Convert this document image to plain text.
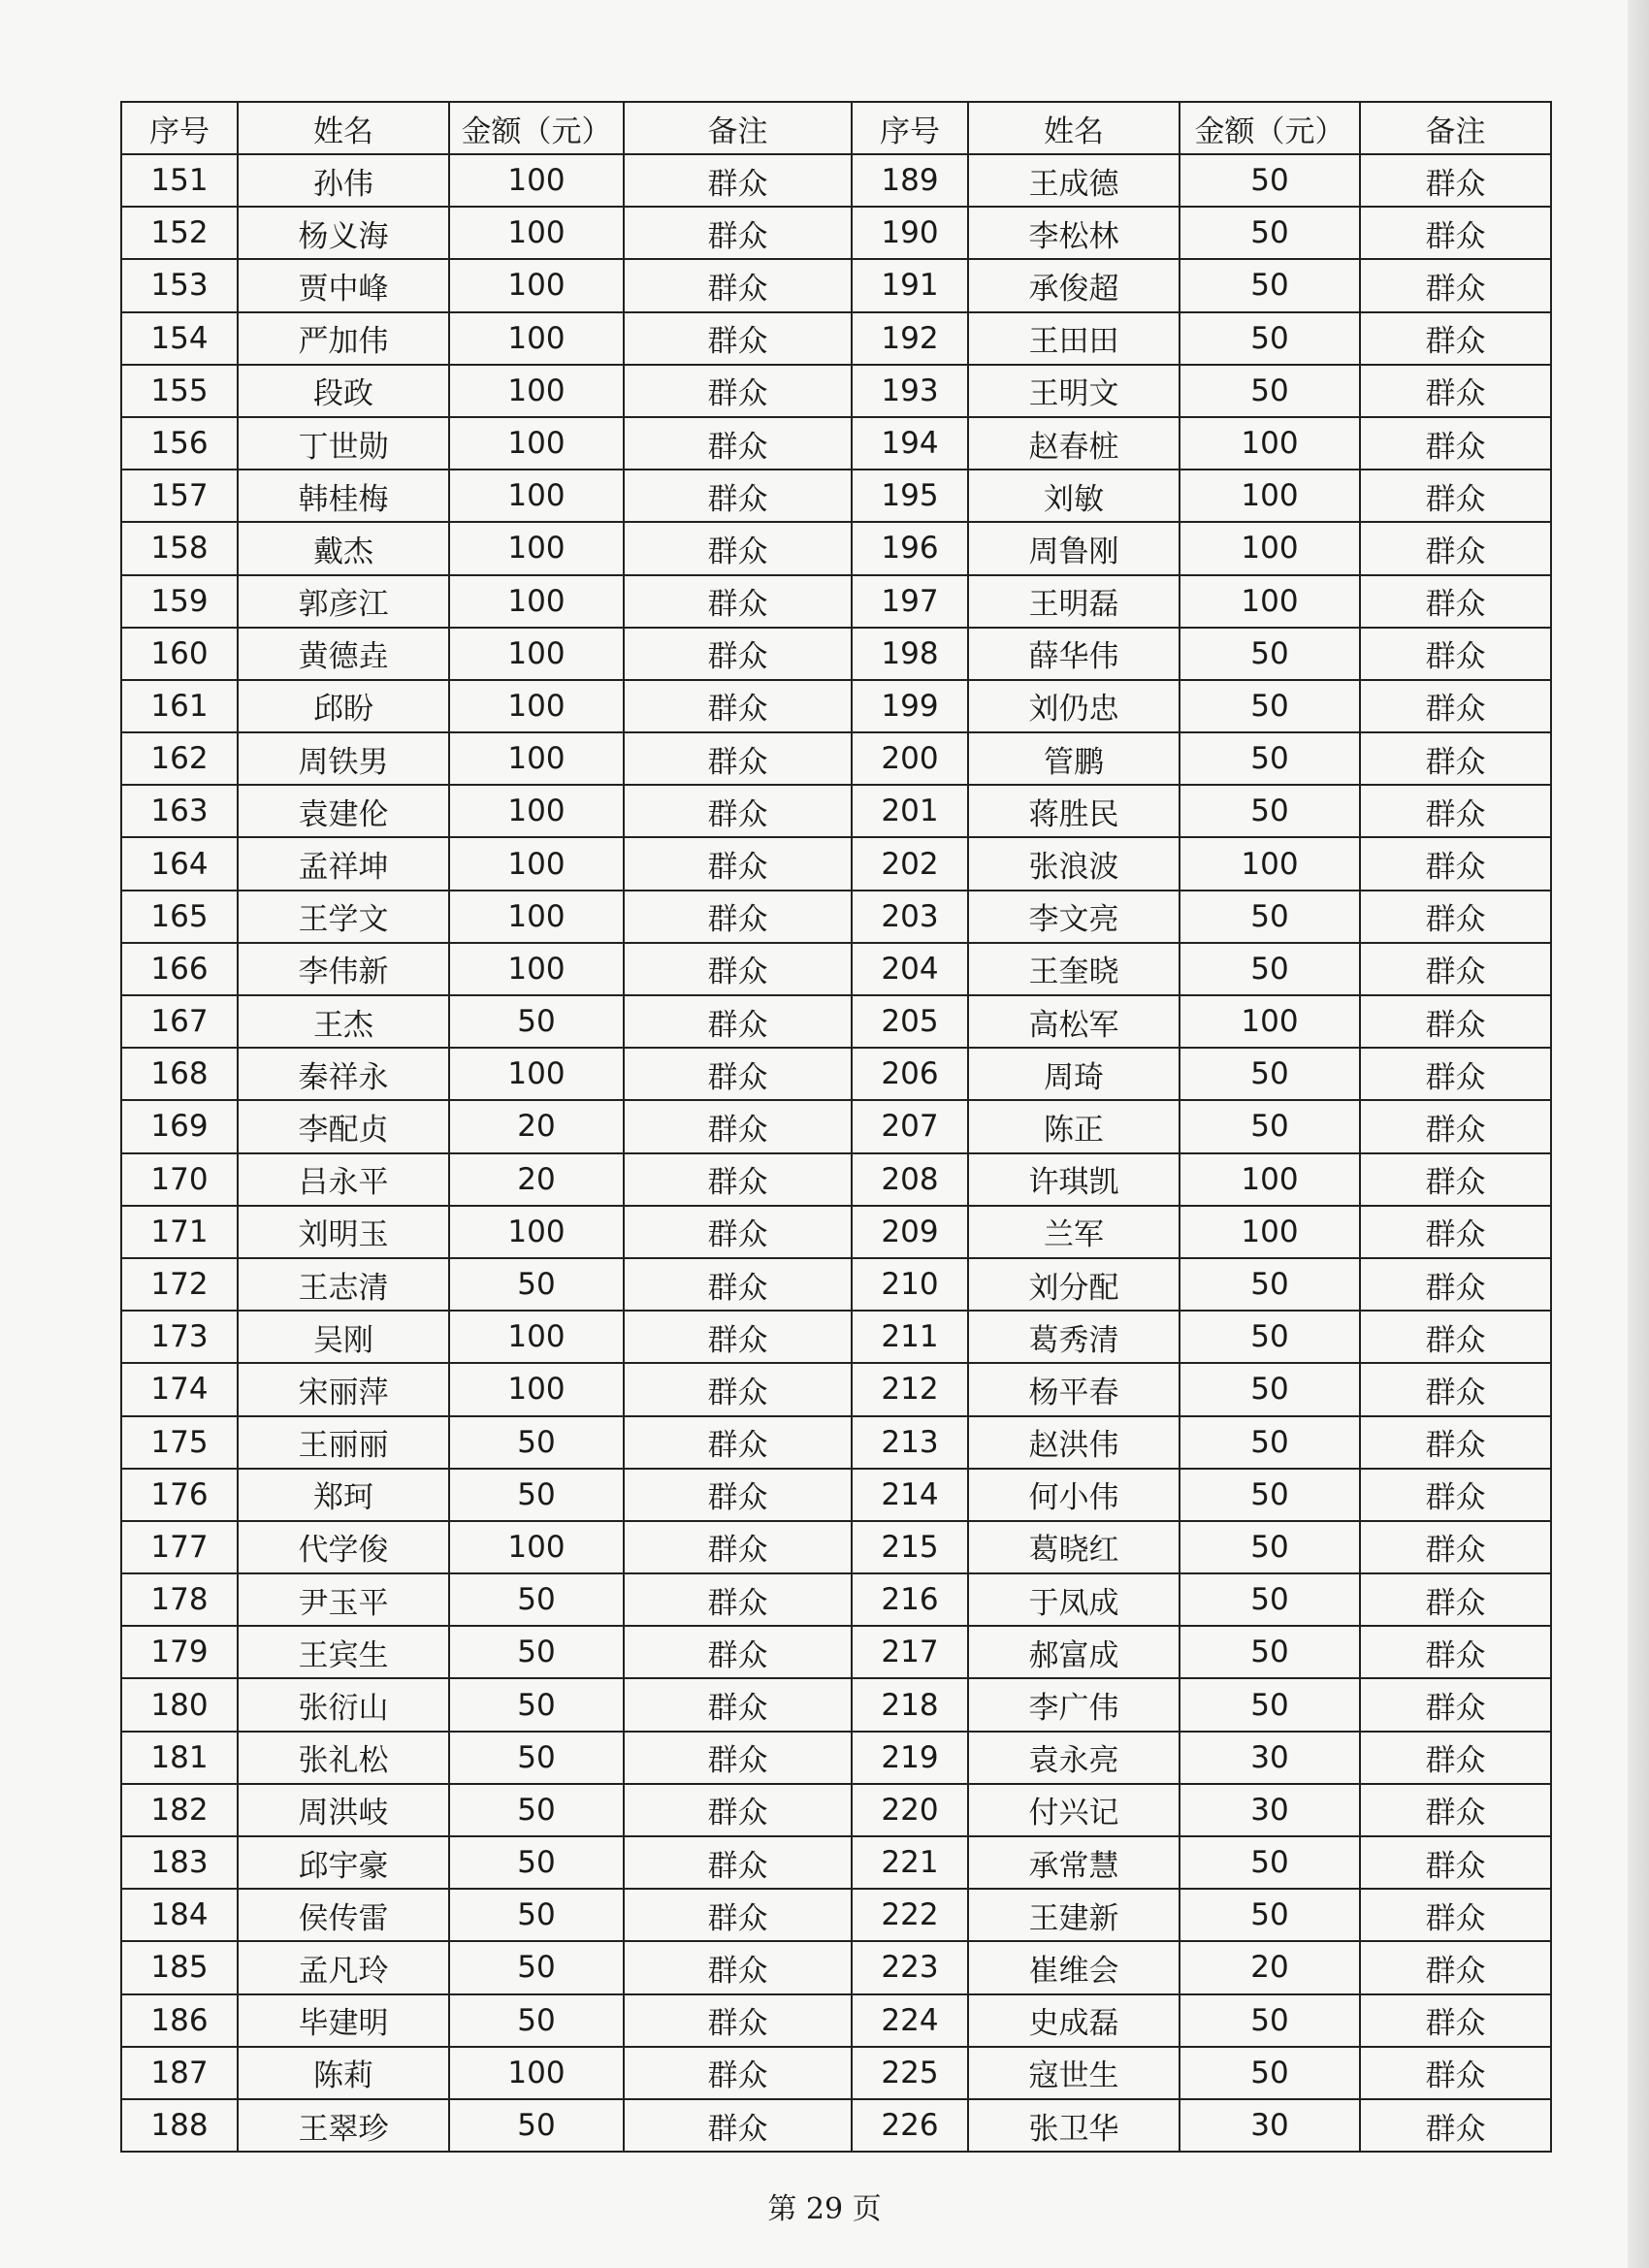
序号	姓名	金额（元）	备注	序号	姓名	金额（元）	备注
151	孙伟	100	群众	189	王成德	50	群众
152	杨义海	100	群众	190	李松林	50	群众
153	贾中峰	100	群众	191	承俊超	50	群众
154	严加伟	100	群众	192	王田田	50	群众
155	段政	100	群众	193	王明文	50	群众
156	丁世勋	100	群众	194	赵春桩	100	群众
157	韩桂梅	100	群众	195	刘敏	100	群众
158	戴杰	100	群众	196	周鲁刚	100	群众
159	郭彦江	100	群众	197	王明磊	100	群众
160	黄德垚	100	群众	198	薛华伟	50	群众
161	邱盼	100	群众	199	刘仍忠	50	群众
162	周铁男	100	群众	200	管鹏	50	群众
163	袁建伦	100	群众	201	蒋胜民	50	群众
164	孟祥坤	100	群众	202	张浪波	100	群众
165	王学文	100	群众	203	李文亮	50	群众
166	李伟新	100	群众	204	王奎晓	50	群众
167	王杰	50	群众	205	高松军	100	群众
168	秦祥永	100	群众	206	周琦	50	群众
169	李配贞	20	群众	207	陈正	50	群众
170	吕永平	20	群众	208	许琪凯	100	群众
171	刘明玉	100	群众	209	兰军	100	群众
172	王志清	50	群众	210	刘分配	50	群众
173	吴刚	100	群众	211	葛秀清	50	群众
174	宋丽萍	100	群众	212	杨平春	50	群众
175	王丽丽	50	群众	213	赵洪伟	50	群众
176	郑珂	50	群众	214	何小伟	50	群众
177	代学俊	100	群众	215	葛晓红	50	群众
178	尹玉平	50	群众	216	于凤成	50	群众
179	王宾生	50	群众	217	郝富成	50	群众
180	张衍山	50	群众	218	李广伟	50	群众
181	张礼松	50	群众	219	袁永亮	30	群众
182	周洪岐	50	群众	220	付兴记	30	群众
183	邱宇豪	50	群众	221	承常慧	50	群众
184	侯传雷	50	群众	222	王建新	50	群众
185	孟凡玲	50	群众	223	崔维会	20	群众
186	毕建明	50	群众	224	史成磊	50	群众
187	陈莉	100	群众	225	寇世生	50	群众
188	王翠珍	50	群众	226	张卫华	30	群众
第 29 页
